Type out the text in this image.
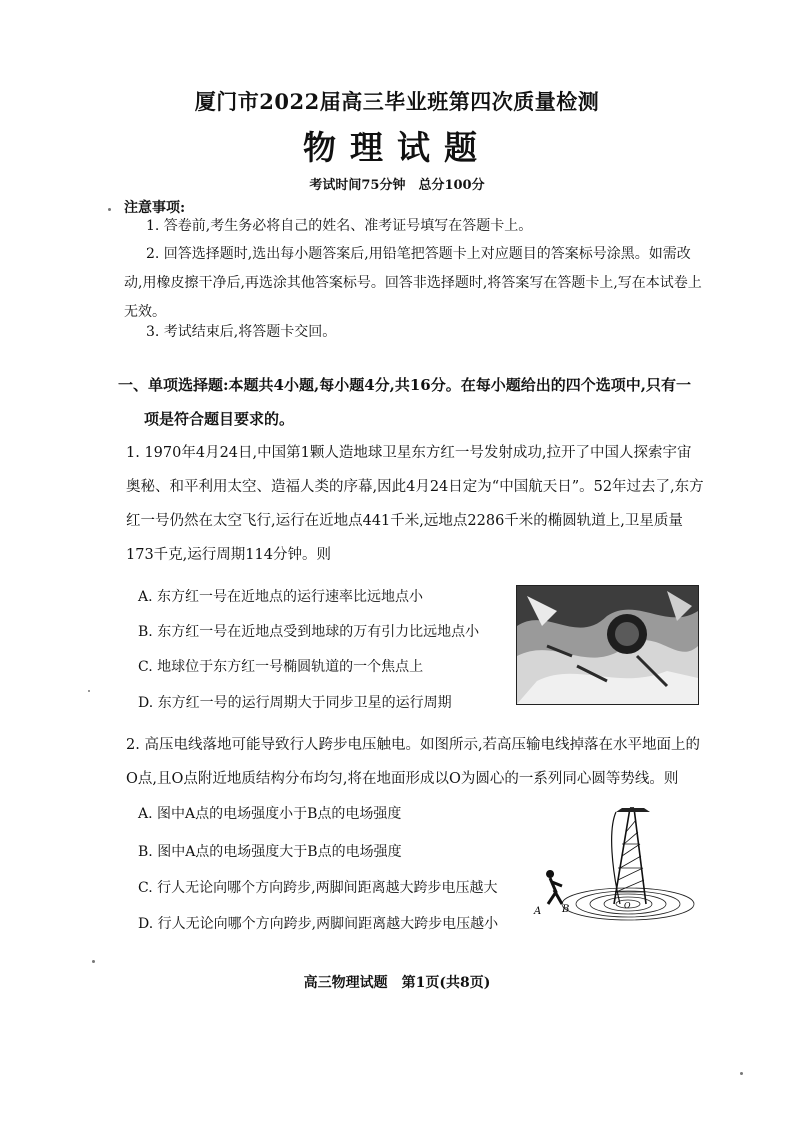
厦门市2022届高三毕业班第四次质量检测
物理试题
考试时间75分钟　总分100分
注意事项:
1. 答卷前,考生务必将自己的姓名、准考证号填写在答题卡上。
2. 回答选择题时,选出每小题答案后,用铅笔把答题卡上对应题目的答案标号涂黑。如需改动,用橡皮擦干净后,再选涂其他答案标号。回答非选择题时,将答案写在答题卡上,写在本试卷上无效。
3. 考试结束后,将答题卡交回。
一、单项选择题:本题共4小题,每小题4分,共16分。在每小题给出的四个选项中,只有一
项是符合题目要求的。
1. 1970年4月24日,中国第1颗人造地球卫星东方红一号发射成功,拉开了中国人探索宇宙奥秘、和平利用太空、造福人类的序幕,因此4月24日定为“中国航天日”。52年过去了,东方红一号仍然在太空飞行,运行在近地点441千米,远地点2286千米的椭圆轨道上,卫星质量173千克,运行周期114分钟。则
A. 东方红一号在近地点的运行速率比远地点小
B. 东方红一号在近地点受到地球的万有引力比远地点小
C. 地球位于东方红一号椭圆轨道的一个焦点上
D. 东方红一号的运行周期大于同步卫星的运行周期
2. 高压电线落地可能导致行人跨步电压触电。如图所示,若高压输电线掉落在水平地面上的O点,且O点附近地质结构分布均匀,将在地面形成以O为圆心的一系列同心圆等势线。则
A. 图中A点的电场强度小于B点的电场强度
B. 图中A点的电场强度大于B点的电场强度
C. 行人无论向哪个方向跨步,两脚间距离越大跨步电压越大
D. 行人无论向哪个方向跨步,两脚间距离越大跨步电压越小
A B	O
高三物理试题　第1页(共8页)
